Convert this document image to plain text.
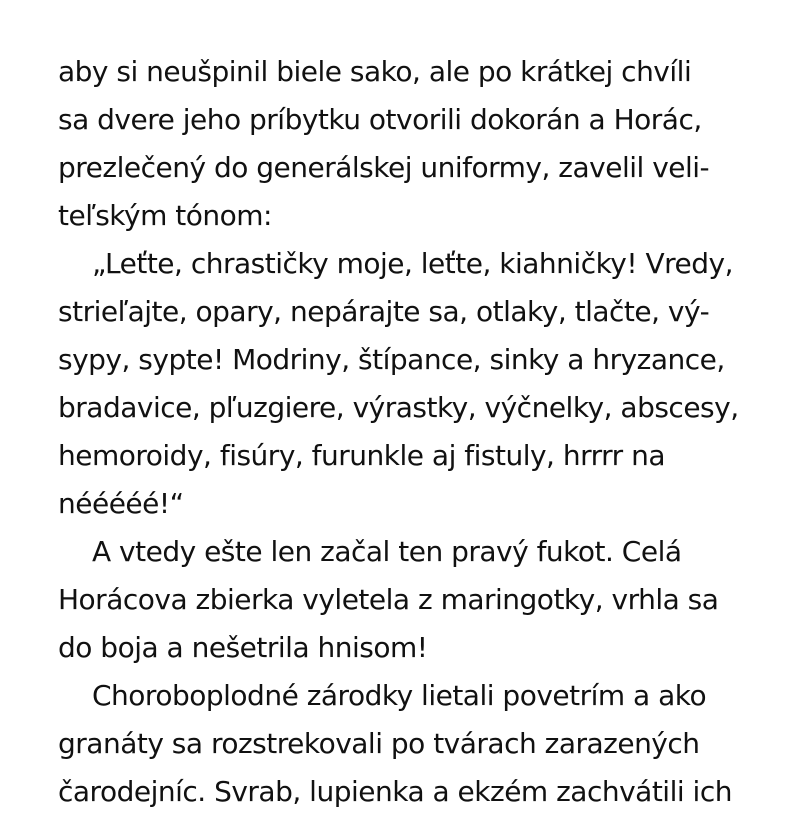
aby si neušpinil biele sako, ale po krátkej chvíli
sa dvere jeho príbytku otvorili dokorán a Horác,
prezlečený do generálskej uniformy, zavelil veli-
teľským tónom:
„Leťte, chrastičky moje, leťte, kiahničky! Vredy,
strieľajte, opary, nepárajte sa, otlaky, tlačte, vý-
sypy, sypte! Modriny, štípance, sinky a hryzance,
bradavice, pľuzgiere, výrastky, výčnelky, abscesy,
hemoroidy, fisúry, furunkle aj fistuly, hrrrr na
nééééé!“
A vtedy ešte len začal ten pravý fukot. Celá
Horácova zbierka vyletela z maringotky, vrhla sa
do boja a nešetrila hnisom!
Choroboplodné zárodky lietali povetrím a ako
granáty sa rozstrekovali po tvárach zarazených
čarodejníc. Svrab, lupienka a ekzém zachvátili ich
